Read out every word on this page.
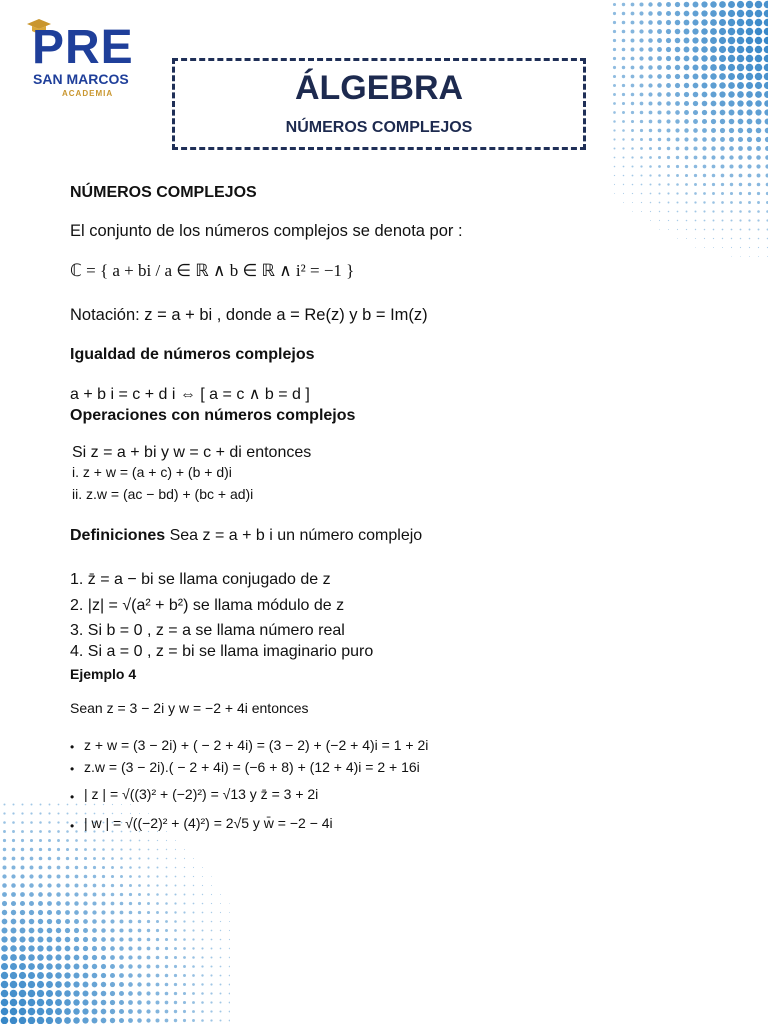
PRE
SAN MARCOS
ACADEMIA	ÁLGEBRA
NÚMEROS COMPLEJOS
NÚMEROS COMPLEJOS
El conjunto de los números complejos se denota por :
ℂ = { a + bi / a ∈ ℝ ∧ b ∈ ℝ ∧ i² = −1 }
Notación: z = a + bi , donde a = Re(z) y b = Im(z)
Igualdad de números complejos
a + b i = c + d i ⇔ [ a = c ∧ b = d ]
Operaciones con números complejos
Si z = a + bi y w = c + di entonces
i. z + w = (a + c) + (b + d)i
ii. z.w = (ac − bd) + (bc + ad)i
Definiciones Sea z = a + b i un número complejo
1. z̄ = a − bi se llama conjugado de z
2. |z| = √(a² + b²) se llama módulo de z
3. Si b = 0 , z = a se llama número real
4. Si a = 0 , z = bi se llama imaginario puro
Ejemplo 4
Sean z = 3 − 2i y w = −2 + 4i entonces
• z + w = (3 − 2i) + ( − 2 + 4i) = (3 − 2) + (−2 + 4)i = 1 + 2i
• z.w = (3 − 2i).( − 2 + 4i) = (−6 + 8) + (12 + 4)i = 2 + 16i
• | z | = √((3)² + (−2)²) = √13 y z̄ = 3 + 2i
• | w | = √((−2)² + (4)²) = 2√5 y w̄ = −2 − 4i
